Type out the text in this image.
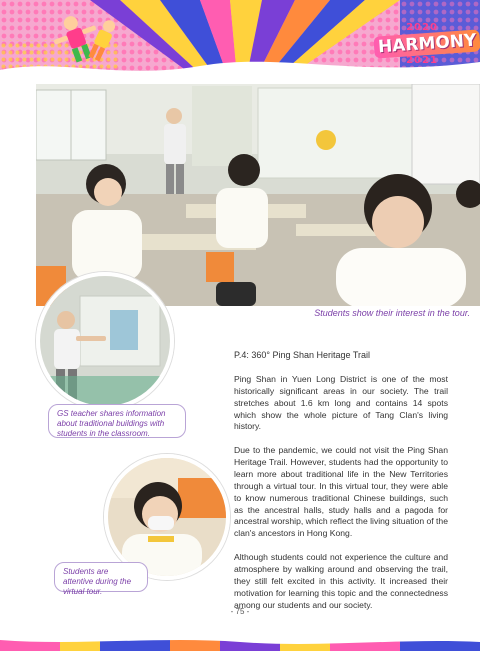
2020
HARMONY
2021
Students show their interest in the tour.
GS teacher shares information about traditional buildings with students in the classroom.
Students are attentive during the virtual tour.
P.4: 360° Ping Shan Heritage Trail

Ping Shan in Yuen Long District is one of the most historically significant areas in our society. The trail stretches about 1.6 km long and contains 14 spots which show the whole picture of Tang Clan's living history.

Due to the pandemic, we could not visit the Ping Shan Heritage Trail. However, students had the opportunity to learn more about traditional life in the New Territories through a virtual tour. In this virtual tour, they were able to know numerous traditional Chinese buildings, such as the ancestral halls, study halls and a pagoda for ancestral worship, which reflect the living situation of the clan's ancestors in Hong Kong.

Although students could not experience the culture and atmosphere by walking around and observing the trail, they still felt excited in this activity. It increased their motivation for learning this topic and the connectedness among our students and our society.

- 75 -
